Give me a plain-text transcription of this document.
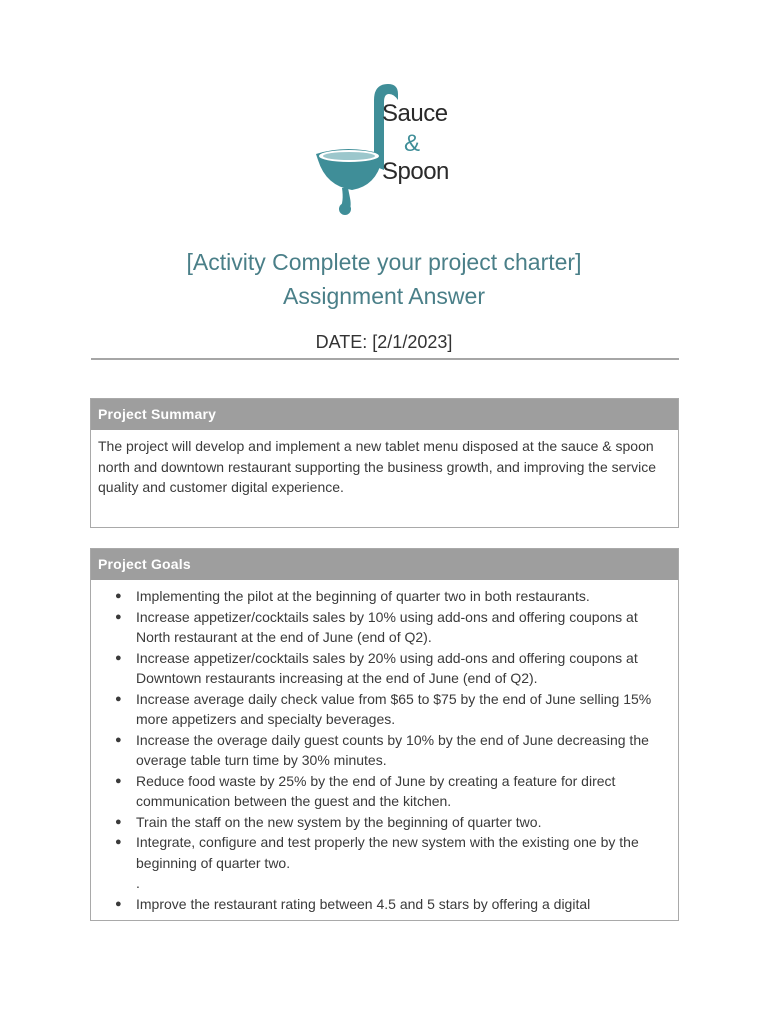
Sauce
&
Spoon
[Activity Complete your project charter]
Assignment Answer
DATE: [2/1/2023]
Project Summary
The project will develop and implement a new tablet menu disposed at the sauce & spoon north and downtown restaurant supporting the business growth, and improving the service quality and customer digital experience.
Project Goals
● Implementing the pilot at the beginning of quarter two in both restaurants.
● Increase appetizer/cocktails sales by 10% using add-ons and offering coupons at North restaurant at the end of June (end of Q2).
● Increase appetizer/cocktails sales by 20% using add-ons and offering coupons at Downtown restaurants increasing at the end of June (end of Q2).
● Increase average daily check value from $65 to $75 by the end of June selling 15% more appetizers and specialty beverages.
● Increase the overage daily guest counts by 10% by the end of June decreasing the overage table turn time by 30% minutes.
● Reduce food waste by 25% by the end of June by creating a feature for direct communication between the guest and the kitchen.
● Train the staff on the new system by the beginning of quarter two.
● Integrate, configure and test properly the new system with the existing one by the beginning of quarter two.
.
● Improve the restaurant rating between 4.5 and 5 stars by offering a digital
